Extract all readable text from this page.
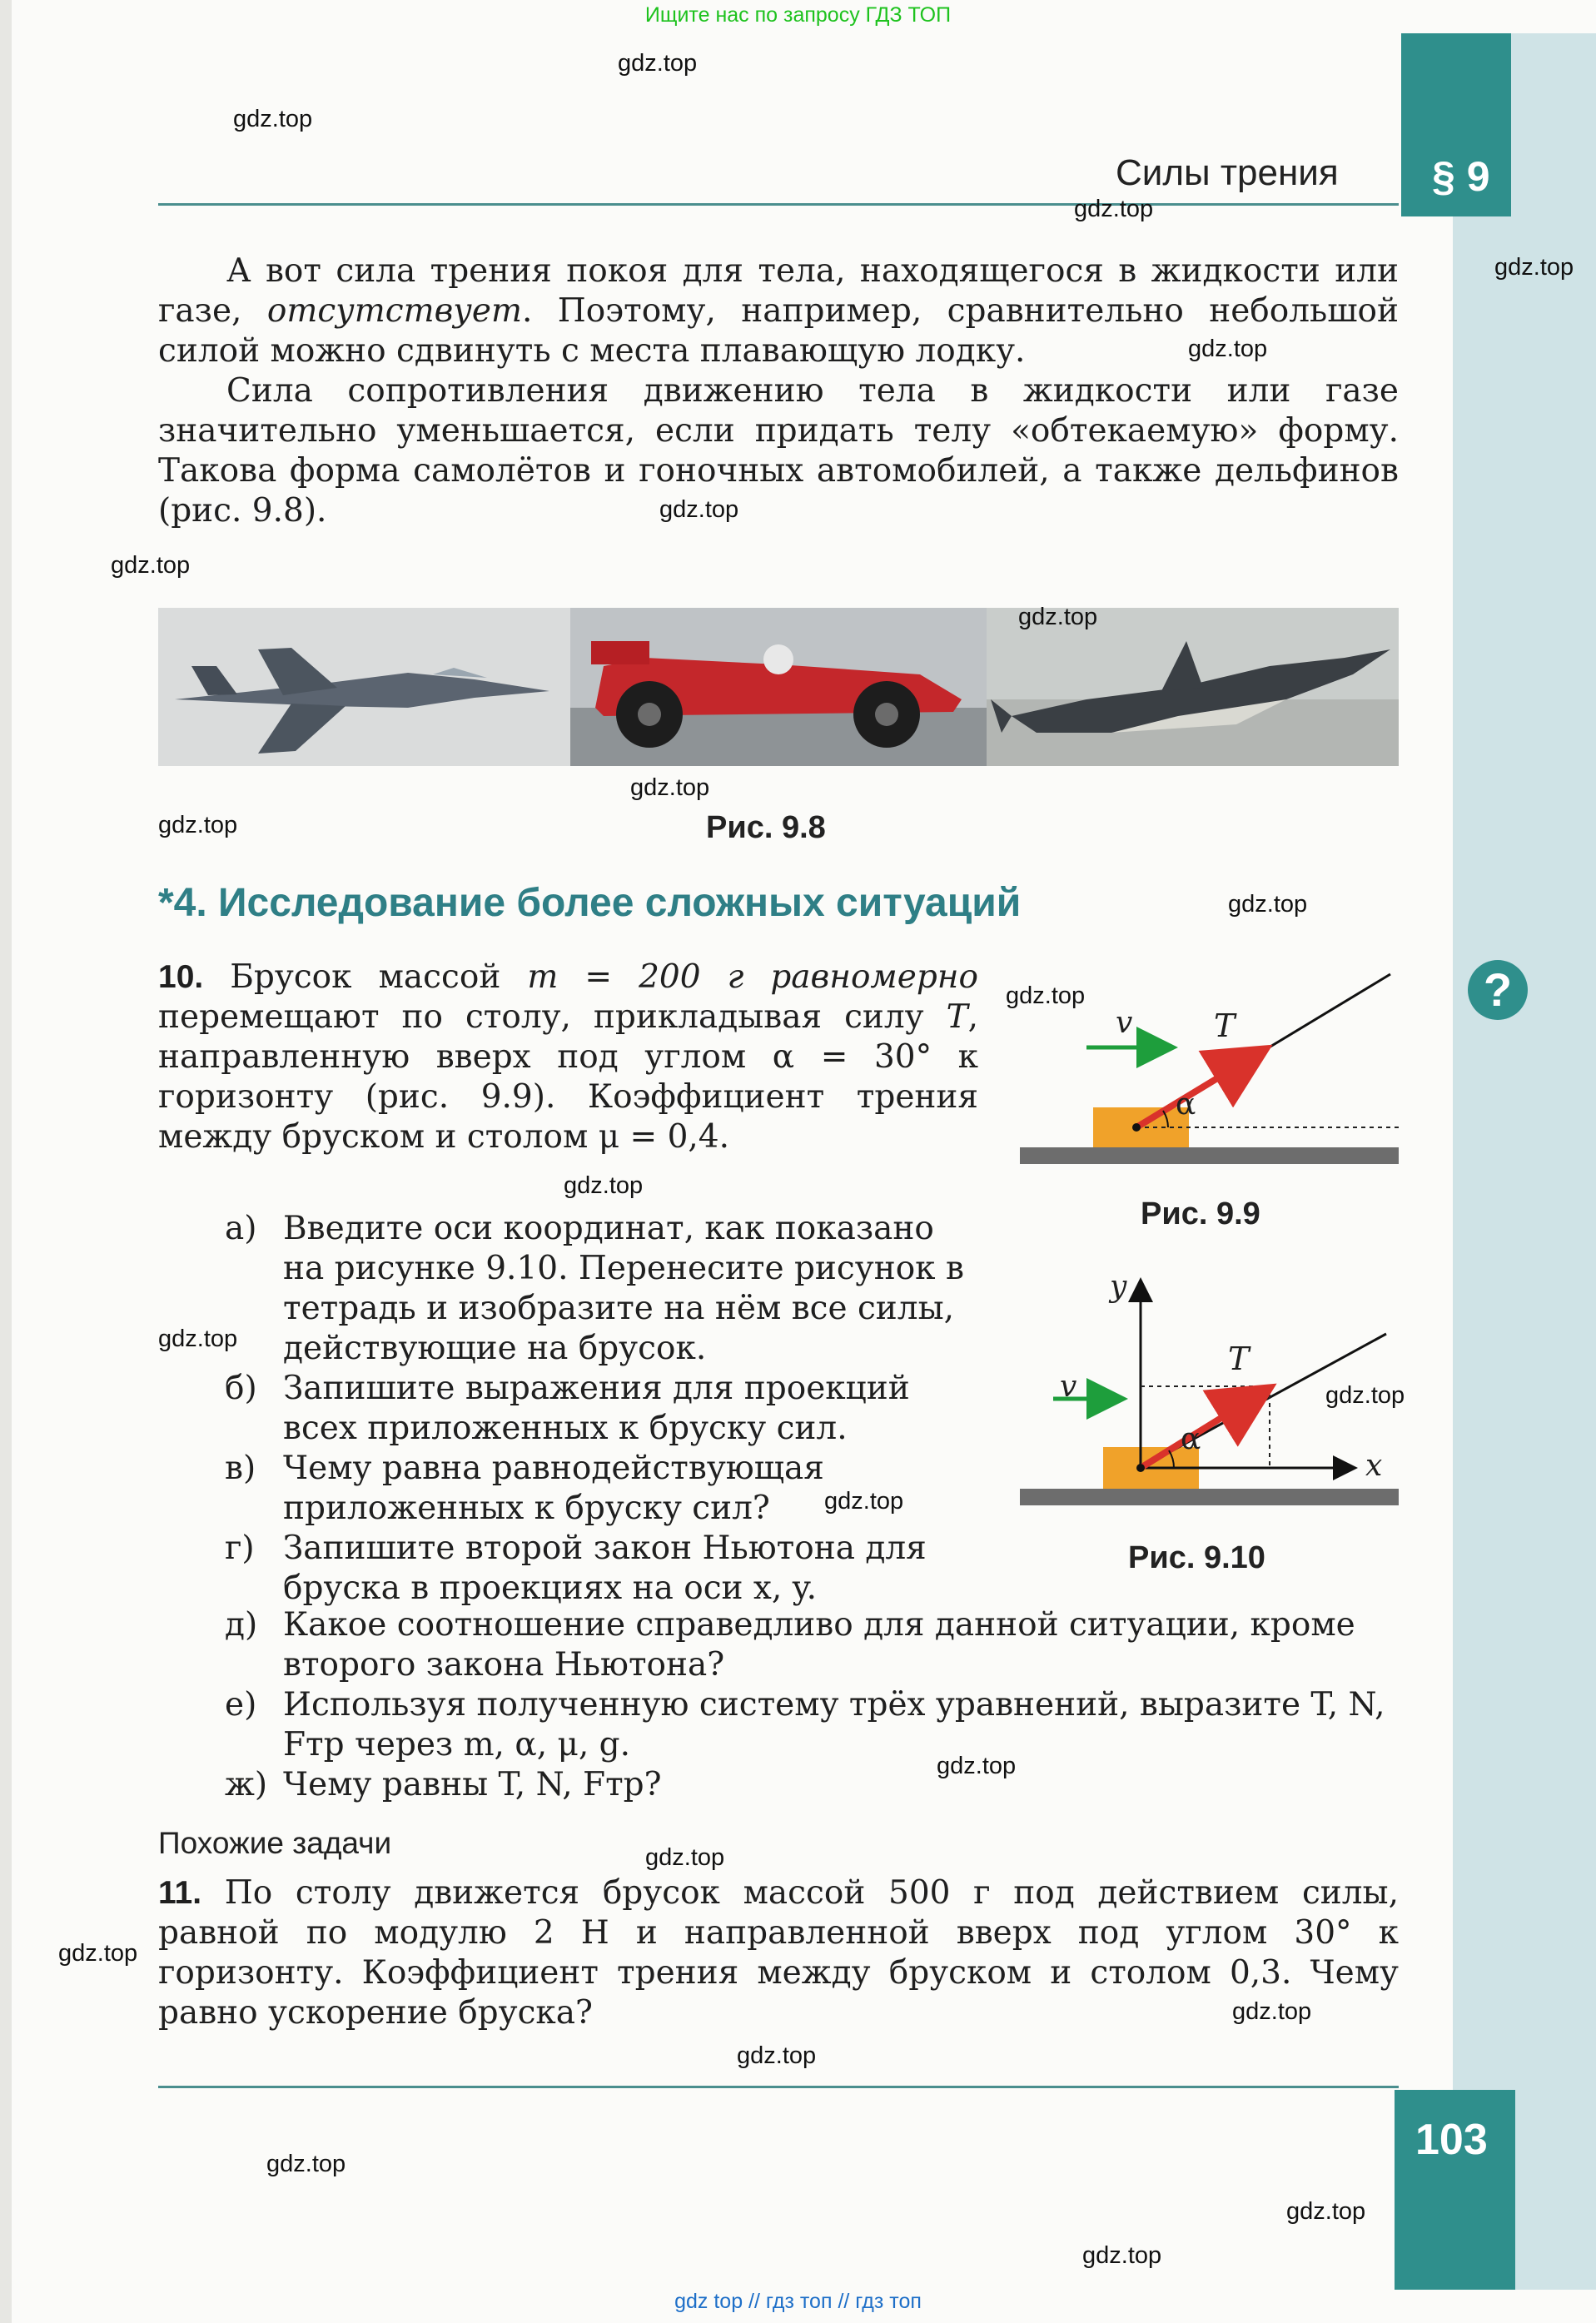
Ищите нас по запросу ГДЗ ТОП
Силы трения § 9

А вот сила трения покоя для тела, находящегося в жидкости или газе, отсутствует. Поэтому, например, сравнительно небольшой силой можно сдвинуть с места плавающую лодку.

Сила сопротивления движению тела в жидкости или газе значительно уменьшается, если придать телу «обтекаемую» форму. Такова форма самолётов и гоночных автомобилей, а также дельфинов (рис. 9.8).

Рис. 9.8
*4. Исследование более сложных ситуаций
10. Брусок массой m = 200 г равномерно перемещают по столу, прикладывая силу T, направленную вверх под углом α = 30° к горизонту (рис. 9.9). Коэффициент трения между бруском и столом μ = 0,4.
а) Введите оси координат, как показано на рисунке 9.10. Перенесите рисунок в тетрадь и изобразите на нём все силы, действующие на брусок.
б) Запишите выражения для проекций всех приложенных к бруску сил.
в) Чему равна равнодействующая приложенных к бруску сил?
г) Запишите второй закон Ньютона для бруска в проекциях на оси x, y.
д) Какое соотношение справедливо для данной ситуации, кроме второго закона Ньютона?
е) Используя полученную систему трёх уравнений, выразите T, N, Fтр через m, α, μ, g.
ж) Чему равны T, N, Fтр?
v	T
α
Рис. 9.9
v
T
α
x
y
Рис. 9.10
Похожие задачи
11. По столу движется брусок массой 500 г под действием силы, равной по модулю 2 Н и направленной вверх под углом 30° к горизонту. Коэффициент трения между бруском и столом 0,3. Чему равно ускорение бруска?
?
103
gdz.top
gdz.top
gdz.top
gdz.top
gdz.top
gdz.top
gdz.top
gdz.top
gdz.top
gdz.top
gdz.top
gdz.top
gdz.top
gdz.top
gdz.top
gdz.top
gdz.top
gdz.top
gdz.top
gdz.top
gdz.top
gdz.top
gdz.top
gdz.top
gdz top // гдз топ // гдз топ
